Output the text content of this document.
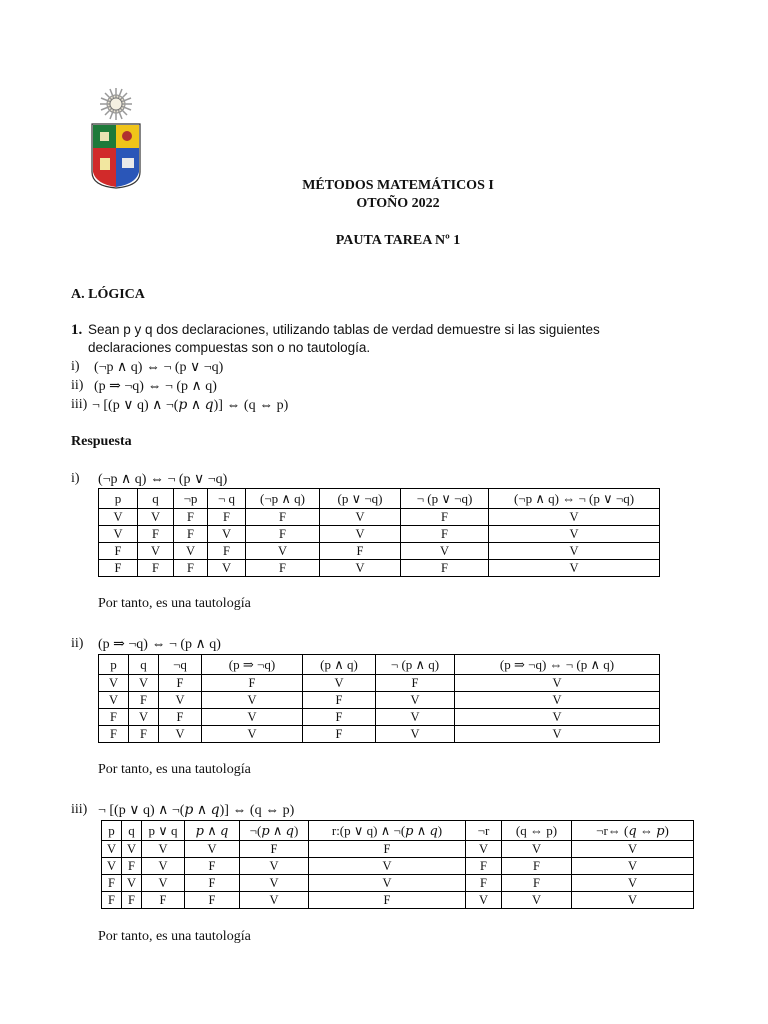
MÉTODOS MATEMÁTICOS I
OTOÑO 2022
PAUTA TAREA Nº 1
A. LÓGICA
1. Sean p y q dos declaraciones, utilizando tablas de verdad demuestre si las siguientes
declaraciones compuestas son o no tautología.
i) (¬p ∧ q) ⇔ ¬ (p ∨ ¬q)
ii) (p ⇒ ¬q) ⇔ ¬ (p ∧ q)
iii) ¬ [(p ∨ q) ∧ ¬(𝑝 ∧ 𝑞)] ⇔ (q ⇔ p)
Respuesta
i) (¬p ∧ q) ⇔ ¬ (p ∨ ¬q)
p	q	¬p	¬ q	(¬p ∧ q)	(p ∨ ¬q)	¬ (p ∨ ¬q)	(¬p ∧ q) ⇔ ¬ (p ∨ ¬q)
V	V	F	F	F	V	F	V
V	F	F	V	F	V	F	V
F	V	V	F	V	F	V	V
F	F	F	V	F	V	F	V
Por tanto, es una tautología
ii) (p ⇒ ¬q) ⇔ ¬ (p ∧ q)
p	q	¬q	(p ⇒ ¬q)	(p ∧ q)	¬ (p ∧ q)	(p ⇒ ¬q) ⇔ ¬ (p ∧ q)
V	V	F	F	V	F	V
V	F	V	V	F	V	V
F	V	F	V	F	V	V
F	F	V	V	F	V	V
Por tanto, es una tautología
iii) ¬ [(p ∨ q) ∧ ¬(𝑝 ∧ 𝑞)] ⇔ (q ⇔ p)
p	q	p ∨ q	𝑝 ∧ 𝑞	¬(𝑝 ∧ 𝑞)	r:(p ∨ q) ∧ ¬(𝑝 ∧ 𝑞)	¬r	(q ⇔ p)	¬r⇔ (𝑞 ⇔ 𝑝)
V	V	V	V	F	F	V	V	V
V	F	V	F	V	V	F	F	V
F	V	V	F	V	V	F	F	V
F	F	F	F	V	F	V	V	V
Por tanto, es una tautología
